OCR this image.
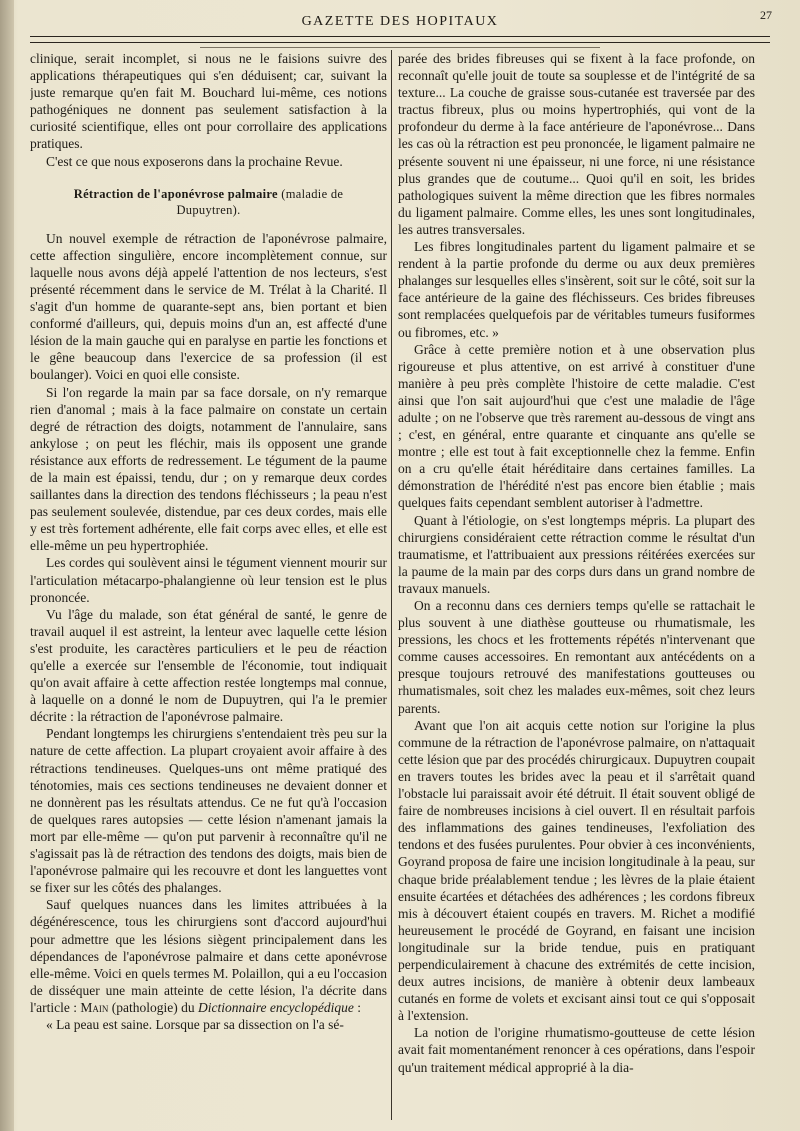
GAZETTE DES HOPITAUX	27

clinique, serait incomplet, si nous ne le faisions suivre des applications thérapeutiques qui s'en déduisent; car, suivant la juste remarque qu'en fait M. Bouchard lui-même, ces notions pathogéniques ne donnent pas seulement satisfaction à la curiosité scientifique, elles ont pour corrollaire des applications pratiques.

C'est ce que nous exposerons dans la prochaine Revue.

Rétraction de l'aponévrose palmaire (maladie de Dupuytren).

Un nouvel exemple de rétraction de l'aponévrose palmaire, cette affection singulière, encore incomplètement connue, sur laquelle nous avons déjà appelé l'attention de nos lecteurs, s'est présenté récemment dans le service de M. Trélat à la Charité. Il s'agit d'un homme de quarante-sept ans, bien portant et bien conformé d'ailleurs, qui, depuis moins d'un an, est affecté d'une lésion de la main gauche qui en paralyse en partie les fonctions et le gêne beaucoup dans l'exercice de sa profession (il est boulanger). Voici en quoi elle consiste.

Si l'on regarde la main par sa face dorsale, on n'y remarque rien d'anomal ; mais à la face palmaire on constate un certain degré de rétraction des doigts, notamment de l'annulaire, sans ankylose ; on peut les fléchir, mais ils opposent une grande résistance aux efforts de redressement. Le tégument de la paume de la main est épaissi, tendu, dur ; on y remarque deux cordes saillantes dans la direction des tendons fléchisseurs ; la peau n'est pas seulement soulevée, distendue, par ces deux cordes, mais elle y est très fortement adhérente, elle fait corps avec elles, et elle est elle-même un peu hypertrophiée.

Les cordes qui soulèvent ainsi le tégument viennent mourir sur l'articulation métacarpo-phalangienne où leur tension est le plus prononcée.

Vu l'âge du malade, son état général de santé, le genre de travail auquel il est astreint, la lenteur avec laquelle cette lésion s'est produite, les caractères particuliers et le peu de réaction qu'elle a exercée sur l'ensemble de l'économie, tout indiquait qu'on avait affaire à cette affection restée longtemps mal connue, à laquelle on a donné le nom de Dupuytren, qui l'a le premier décrite : la rétraction de l'aponévrose palmaire.

Pendant longtemps les chirurgiens s'entendaient très peu sur la nature de cette affection. La plupart croyaient avoir affaire à des rétractions tendineuses. Quelques-uns ont même pratiqué des ténotomies, mais ces sections tendineuses ne devaient donner et ne donnèrent pas les résultats attendus. Ce ne fut qu'à l'occasion de quelques rares autopsies — cette lésion n'amenant jamais la mort par elle-même — qu'on put parvenir à reconnaître qu'il ne s'agissait pas là de rétraction des tendons des doigts, mais bien de l'aponévrose palmaire qui les recouvre et dont les languettes vont se fixer sur les côtés des phalanges.

Sauf quelques nuances dans les limites attribuées à la dégénérescence, tous les chirurgiens sont d'accord aujourd'hui pour admettre que les lésions siègent principalement dans les dépendances de l'aponévrose palmaire et dans cette aponévrose elle-même. Voici en quels termes M. Polaillon, qui a eu l'occasion de disséquer une main atteinte de cette lésion, l'a décrite dans l'article : Main (pathologie) du Dictionnaire encyclopédique :

« La peau est saine. Lorsque par sa dissection on l'a sé-

parée des brides fibreuses qui se fixent à la face profonde, on reconnaît qu'elle jouit de toute sa souplesse et de l'intégrité de sa texture... La couche de graisse sous-cutanée est traversée par des tractus fibreux, plus ou moins hypertrophiés, qui vont de la profondeur du derme à la face antérieure de l'aponévrose... Dans les cas où la rétraction est peu prononcée, le ligament palmaire ne présente souvent ni une épaisseur, ni une force, ni une résistance plus grandes que de coutume... Quoi qu'il en soit, les brides pathologiques suivent la même direction que les fibres normales du ligament palmaire. Comme elles, les unes sont longitudinales, les autres transversales.

Les fibres longitudinales partent du ligament palmaire et se rendent à la partie profonde du derme ou aux deux premières phalanges sur lesquelles elles s'insèrent, soit sur le côté, soit sur la face antérieure de la gaine des fléchisseurs. Ces brides fibreuses sont remplacées quelquefois par de véritables tumeurs fusiformes ou fibromes, etc. »

Grâce à cette première notion et à une observation plus rigoureuse et plus attentive, on est arrivé à constituer d'une manière à peu près complète l'histoire de cette maladie. C'est ainsi que l'on sait aujourd'hui que c'est une maladie de l'âge adulte ; on ne l'observe que très rarement au-dessous de vingt ans ; c'est, en général, entre quarante et cinquante ans qu'elle se montre ; elle est tout à fait exceptionnelle chez la femme. Enfin on a cru qu'elle était héréditaire dans certaines familles. La démonstration de l'hérédité n'est pas encore bien établie ; mais quelques faits cependant semblent autoriser à l'admettre.

Quant à l'étiologie, on s'est longtemps mépris. La plupart des chirurgiens considéraient cette rétraction comme le résultat d'un traumatisme, et l'attribuaient aux pressions réitérées exercées sur la paume de la main par des corps durs dans un grand nombre de travaux manuels.

On a reconnu dans ces derniers temps qu'elle se rattachait le plus souvent à une diathèse goutteuse ou rhumatismale, les pressions, les chocs et les frottements répétés n'intervenant que comme causes accessoires. En remontant aux antécédents on a presque toujours retrouvé des manifestations goutteuses ou rhumatismales, soit chez les malades eux-mêmes, soit chez leurs parents.

Avant que l'on ait acquis cette notion sur l'origine la plus commune de la rétraction de l'aponévrose palmaire, on n'attaquait cette lésion que par des procédés chirurgicaux. Dupuytren coupait en travers toutes les brides avec la peau et il s'arrêtait quand l'obstacle lui paraissait avoir été détruit. Il était souvent obligé de faire de nombreuses incisions à ciel ouvert. Il en résultait parfois des inflammations des gaines tendineuses, l'exfoliation des tendons et des fusées purulentes. Pour obvier à ces inconvénients, Goyrand proposa de faire une incision longitudinale à la peau, sur chaque bride préalablement tendue ; les lèvres de la plaie étaient ensuite écartées et détachées des adhérences ; les cordons fibreux mis à découvert étaient coupés en travers. M. Richet a modifié heureusement le procédé de Goyrand, en faisant une incision longitudinale sur la bride tendue, puis en pratiquant perpendiculairement à chacune des extrémités de cette incision, deux autres incisions, de manière à obtenir deux lambeaux cutanés en forme de volets et excisant ainsi tout ce qui s'opposait à l'extension.

La notion de l'origine rhumatismo-goutteuse de cette lésion avait fait momentanément renoncer à ces opérations, dans l'espoir qu'un traitement médical approprié à la dia-
